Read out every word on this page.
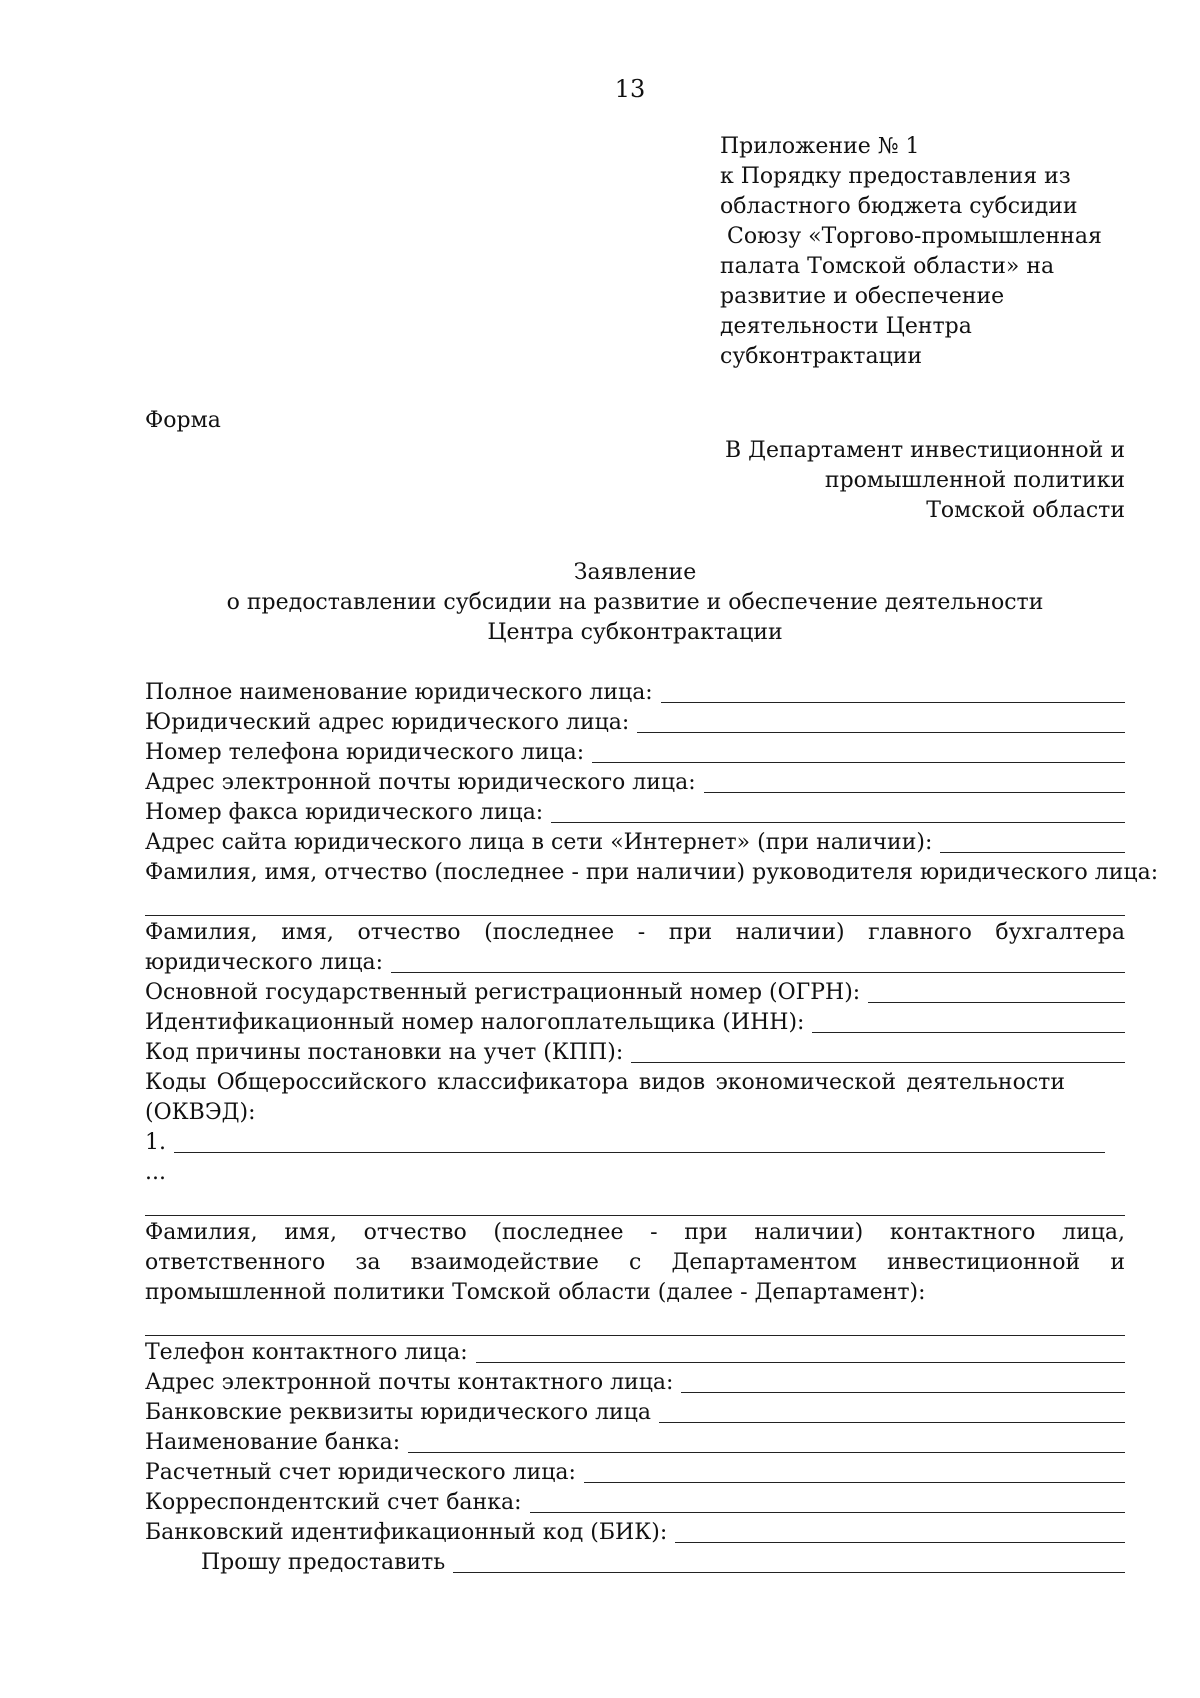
13
Приложение № 1
к Порядку предоставления из
областного бюджета субсидии
Союзу «Торгово-промышленная
палата Томской области» на
развитие и обеспечение
деятельности Центра
субконтрактации
Форма
В Департамент инвестиционной и
промышленной политики
Томской области
Заявление
о предоставлении субсидии на развитие и обеспечение деятельности
Центра субконтрактации
Полное наименование юридического лица:
Юридический адрес юридического лица:
Номер телефона юридического лица:
Адрес электронной почты юридического лица:
Номер факса юридического лица:
Адрес сайта юридического лица в сети «Интернет» (при наличии):
Фамилия, имя, отчество (последнее - при наличии) руководителя юридического лица:
Фамилия, имя, отчество (последнее - при наличии) главного бухгалтера
юридического лица:
Основной государственный регистрационный номер (ОГРН):
Идентификационный номер налогоплательщика (ИНН):
Код причины постановки на учет (КПП):
Коды Общероссийского классификатора видов экономической деятельности
(ОКВЭД):
1.
...
Фамилия, имя, отчество (последнее - при наличии) контактного лица,
ответственного за взаимодействие с Департаментом инвестиционной и
промышленной политики Томской области (далее - Департамент):
Телефон контактного лица:
Адрес электронной почты контактного лица:
Банковские реквизиты юридического лица
Наименование банка:
Расчетный счет юридического лица:
Корреспондентский счет банка:
Банковский идентификационный код (БИК):
Прошу предоставить
